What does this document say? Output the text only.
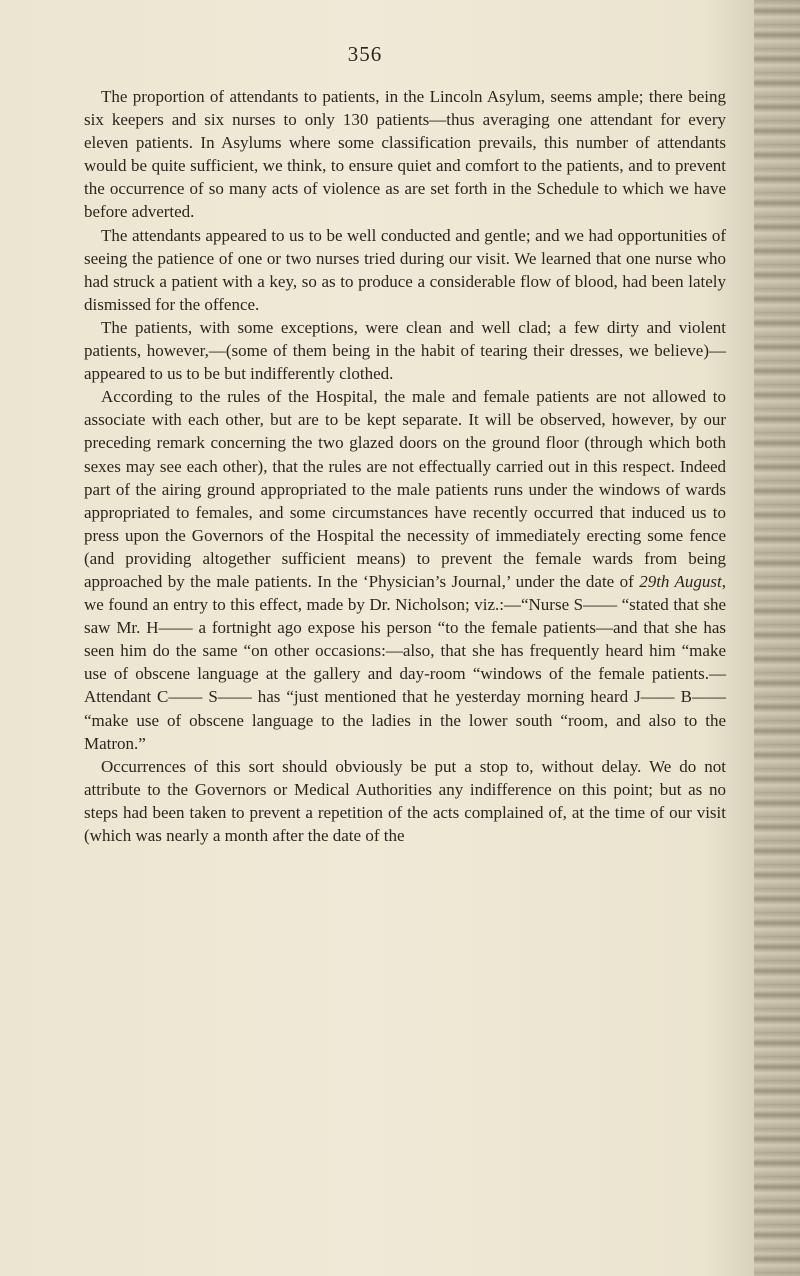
356

The proportion of attendants to patients, in the Lincoln Asylum, seems ample; there being six keepers and six nurses to only 130 patients—thus averaging one attendant for every eleven patients. In Asylums where some classification prevails, this number of attendants would be quite sufficient, we think, to ensure quiet and comfort to the patients, and to prevent the occurrence of so many acts of violence as are set forth in the Schedule to which we have before adverted.

The attendants appeared to us to be well conducted and gentle; and we had opportunities of seeing the patience of one or two nurses tried during our visit. We learned that one nurse who had struck a patient with a key, so as to produce a considerable flow of blood, had been lately dismissed for the offence.

The patients, with some exceptions, were clean and well clad; a few dirty and violent patients, however,—(some of them being in the habit of tearing their dresses, we believe)—appeared to us to be but indifferently clothed.

According to the rules of the Hospital, the male and female patients are not allowed to associate with each other, but are to be kept separate. It will be observed, however, by our preceding remark concerning the two glazed doors on the ground floor (through which both sexes may see each other), that the rules are not effectually carried out in this respect. Indeed part of the airing ground appropriated to the male patients runs under the windows of wards appropriated to females, and some circumstances have recently occurred that induced us to press upon the Governors of the Hospital the necessity of immediately erecting some fence (and providing altogether sufficient means) to prevent the female wards from being approached by the male patients. In the ‘Physician’s Journal,’ under the date of 29th August, we found an entry to this effect, made by Dr. Nicholson; viz.:—“Nurse S—— “stated that she saw Mr. H—— a fortnight ago expose his person “to the female patients—and that she has seen him do the same “on other occasions:—also, that she has frequently heard him “make use of obscene language at the gallery and day-room “windows of the female patients.—Attendant C—— S—— has “just mentioned that he yesterday morning heard J—— B—— “make use of obscene language to the ladies in the lower south “room, and also to the Matron.”

Occurrences of this sort should obviously be put a stop to, without delay. We do not attribute to the Governors or Medical Authorities any indifference on this point; but as no steps had been taken to prevent a repetition of the acts complained of, at the time of our visit (which was nearly a month after the date of the
